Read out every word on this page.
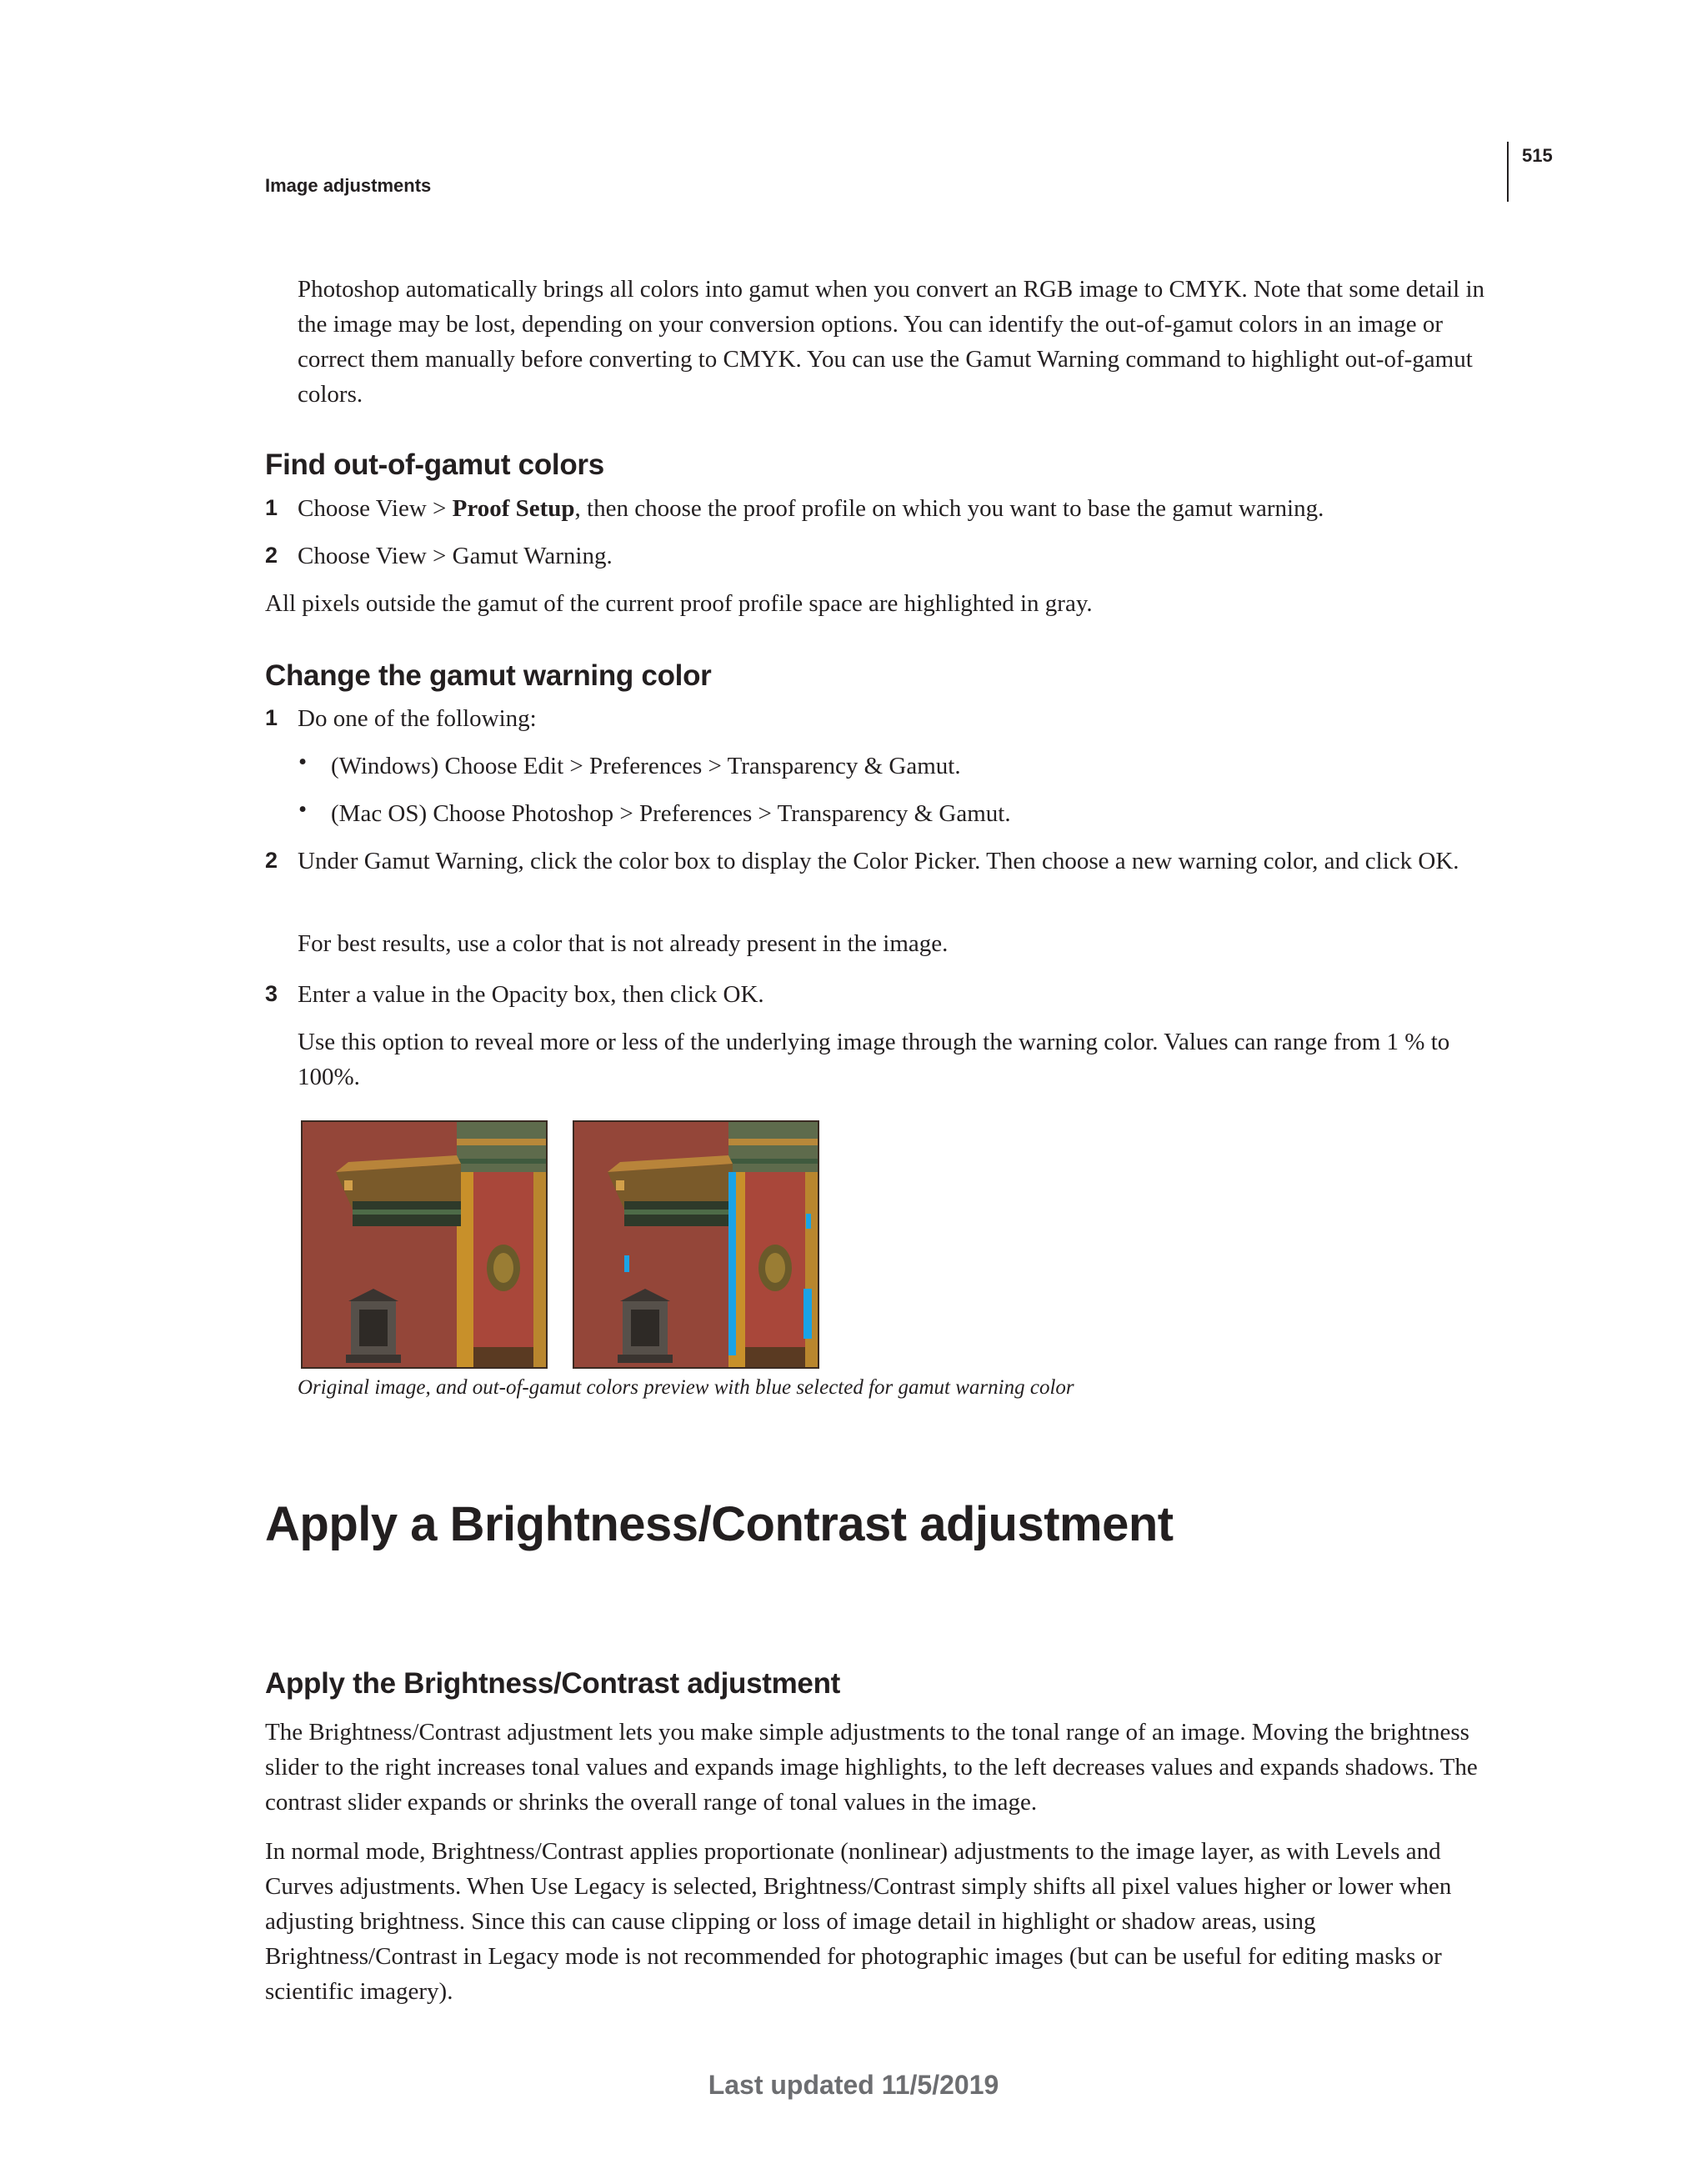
Image adjustments
515
Photoshop automatically brings all colors into gamut when you convert an RGB image to CMYK. Note that some detail in the image may be lost, depending on your conversion options. You can identify the out-of-gamut colors in an image or correct them manually before converting to CMYK. You can use the Gamut Warning command to highlight out-of-gamut colors.
Find out-of-gamut colors
1 Choose View > Proof Setup, then choose the proof profile on which you want to base the gamut warning.
2 Choose View > Gamut Warning.
All pixels outside the gamut of the current proof profile space are highlighted in gray.
Change the gamut warning color
1 Do one of the following:
• (Windows) Choose Edit > Preferences > Transparency & Gamut.
• (Mac OS) Choose Photoshop > Preferences > Transparency & Gamut.
2 Under Gamut Warning, click the color box to display the Color Picker. Then choose a new warning color, and click OK.
For best results, use a color that is not already present in the image.
3 Enter a value in the Opacity box, then click OK.
Use this option to reveal more or less of the underlying image through the warning color. Values can range from 1 % to 100%.
Original image, and out-of-gamut colors preview with blue selected for gamut warning color
Apply a Brightness/Contrast adjustment
Apply the Brightness/Contrast adjustment
The Brightness/Contrast adjustment lets you make simple adjustments to the tonal range of an image. Moving the brightness slider to the right increases tonal values and expands image highlights, to the left decreases values and expands shadows. The contrast slider expands or shrinks the overall range of tonal values in the image.
In normal mode, Brightness/Contrast applies proportionate (nonlinear) adjustments to the image layer, as with Levels and Curves adjustments. When Use Legacy is selected, Brightness/Contrast simply shifts all pixel values higher or lower when adjusting brightness. Since this can cause clipping or loss of image detail in highlight or shadow areas, using Brightness/Contrast in Legacy mode is not recommended for photographic images (but can be useful for editing masks or scientific imagery).
Last updated 11/5/2019
